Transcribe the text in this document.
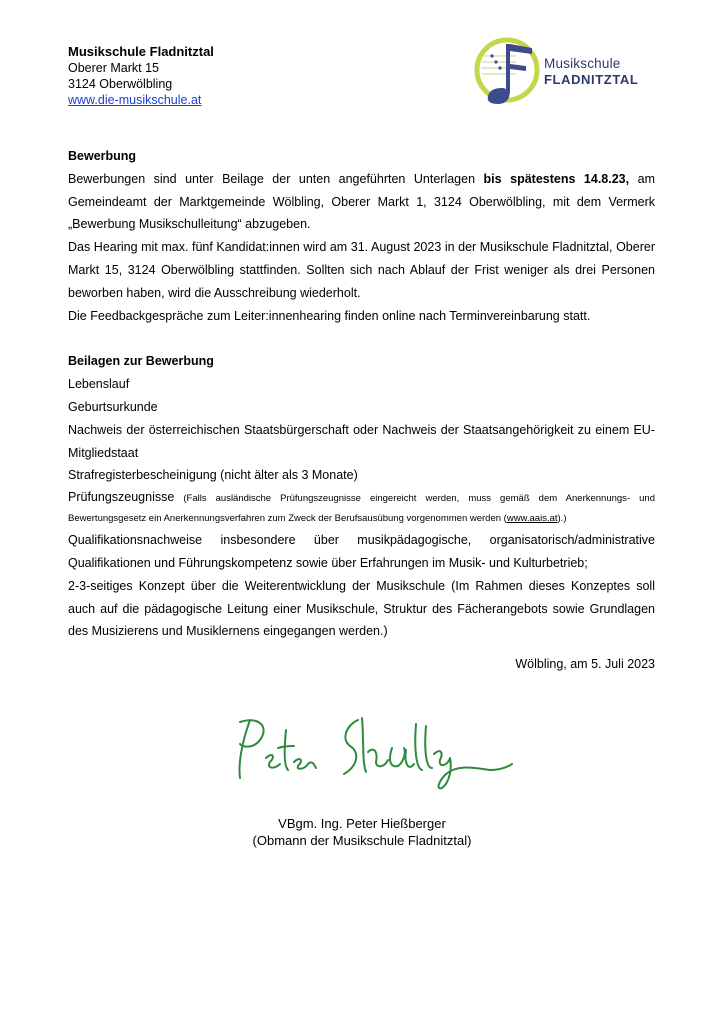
Musikschule Fladnitztal
Oberer Markt 15
3124 Oberwölbling
www.die-musikschule.at
Musikschule
FLADNITZTAL
Bewerbung
Bewerbungen sind unter Beilage der unten angeführten Unterlagen bis spätestens 14.8.23, am Gemeindeamt der Marktgemeinde Wölbling, Oberer Markt 1, 3124 Oberwölbling, mit dem Vermerk „Bewerbung Musikschulleitung“ abzugeben.
Das Hearing mit max. fünf Kandidat:innen wird am 31. August 2023 in der Musikschule Fladnitztal, Oberer Markt 15, 3124 Oberwölbling stattfinden. Sollten sich nach Ablauf der Frist weniger als drei Personen beworben haben, wird die Ausschreibung wiederholt.
Die Feedbackgespräche zum Leiter:innenhearing finden online nach Terminvereinbarung statt.
Beilagen zur Bewerbung
Lebenslauf
Geburtsurkunde
Nachweis der österreichischen Staatsbürgerschaft oder Nachweis der Staatsangehörigkeit zu einem EU-Mitgliedstaat
Strafregisterbescheinigung (nicht älter als 3 Monate)
Prüfungszeugnisse (Falls ausländische Prüfungszeugnisse eingereicht werden, muss gemäß dem Anerkennungs- und Bewertungsgesetz ein Anerkennungsverfahren zum Zweck der Berufsausübung vorgenommen werden (www.aais.at).)
Qualifikationsnachweise insbesondere über musikpädagogische, organisatorisch/administrative Qualifikationen und Führungskompetenz sowie über Erfahrungen im Musik- und Kulturbetrieb;
2-3-seitiges Konzept über die Weiterentwicklung der Musikschule (Im Rahmen dieses Konzeptes soll auch auf die pädagogische Leitung einer Musikschule, Struktur des Fächerangebots sowie Grundlagen des Musizierens und Musiklernens eingegangen werden.)
Wölbling, am 5. Juli 2023
VBgm. Ing. Peter Hießberger
(Obmann der Musikschule Fladnitztal)
